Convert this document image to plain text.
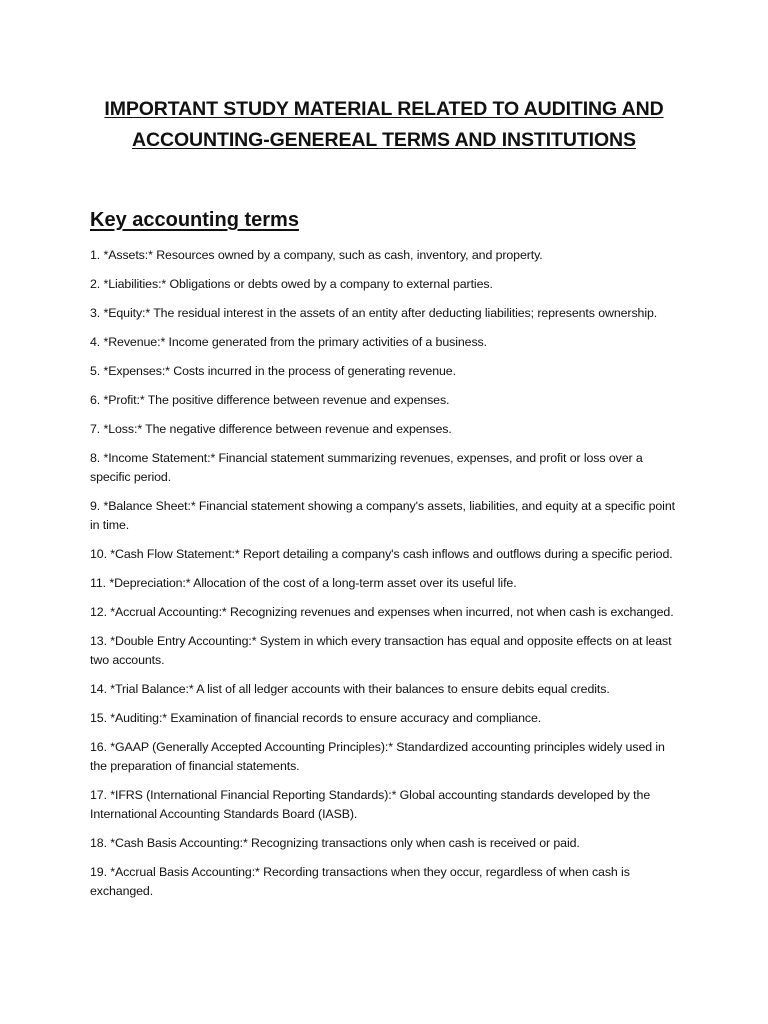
IMPORTANT STUDY MATERIAL RELATED TO AUDITING AND ACCOUNTING-GENEREAL TERMS AND INSTITUTIONS
Key accounting terms
1. *Assets:* Resources owned by a company, such as cash, inventory, and property.
2. *Liabilities:* Obligations or debts owed by a company to external parties.
3. *Equity:* The residual interest in the assets of an entity after deducting liabilities; represents ownership.
4. *Revenue:* Income generated from the primary activities of a business.
5. *Expenses:* Costs incurred in the process of generating revenue.
6. *Profit:* The positive difference between revenue and expenses.
7. *Loss:* The negative difference between revenue and expenses.
8. *Income Statement:* Financial statement summarizing revenues, expenses, and profit or loss over a specific period.
9. *Balance Sheet:* Financial statement showing a company's assets, liabilities, and equity at a specific point in time.
10. *Cash Flow Statement:* Report detailing a company's cash inflows and outflows during a specific period.
11. *Depreciation:* Allocation of the cost of a long-term asset over its useful life.
12. *Accrual Accounting:* Recognizing revenues and expenses when incurred, not when cash is exchanged.
13. *Double Entry Accounting:* System in which every transaction has equal and opposite effects on at least two accounts.
14. *Trial Balance:* A list of all ledger accounts with their balances to ensure debits equal credits.
15. *Auditing:* Examination of financial records to ensure accuracy and compliance.
16. *GAAP (Generally Accepted Accounting Principles):* Standardized accounting principles widely used in the preparation of financial statements.
17. *IFRS (International Financial Reporting Standards):* Global accounting standards developed by the International Accounting Standards Board (IASB).
18. *Cash Basis Accounting:* Recognizing transactions only when cash is received or paid.
19. *Accrual Basis Accounting:* Recording transactions when they occur, regardless of when cash is exchanged.
